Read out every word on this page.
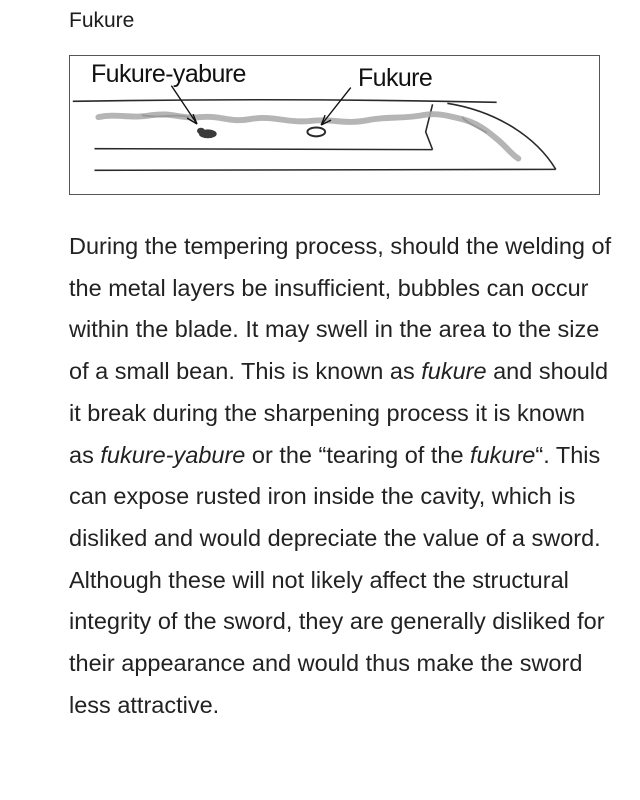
Fukure
Fukure-yabure	Fukure

During the tempering process, should the welding of the metal layers be insufficient, bubbles can occur within the blade. It may swell in the area to the size of a small bean. This is known as fukure and should it break during the sharpening process it is known as fukure-yabure or the “tearing of the fukure“. This can expose rusted iron inside the cavity, which is disliked and would depreciate the value of a sword. Although these will not likely affect the structural integrity of the sword, they are generally disliked for their appearance and would thus make the sword less attractive.
